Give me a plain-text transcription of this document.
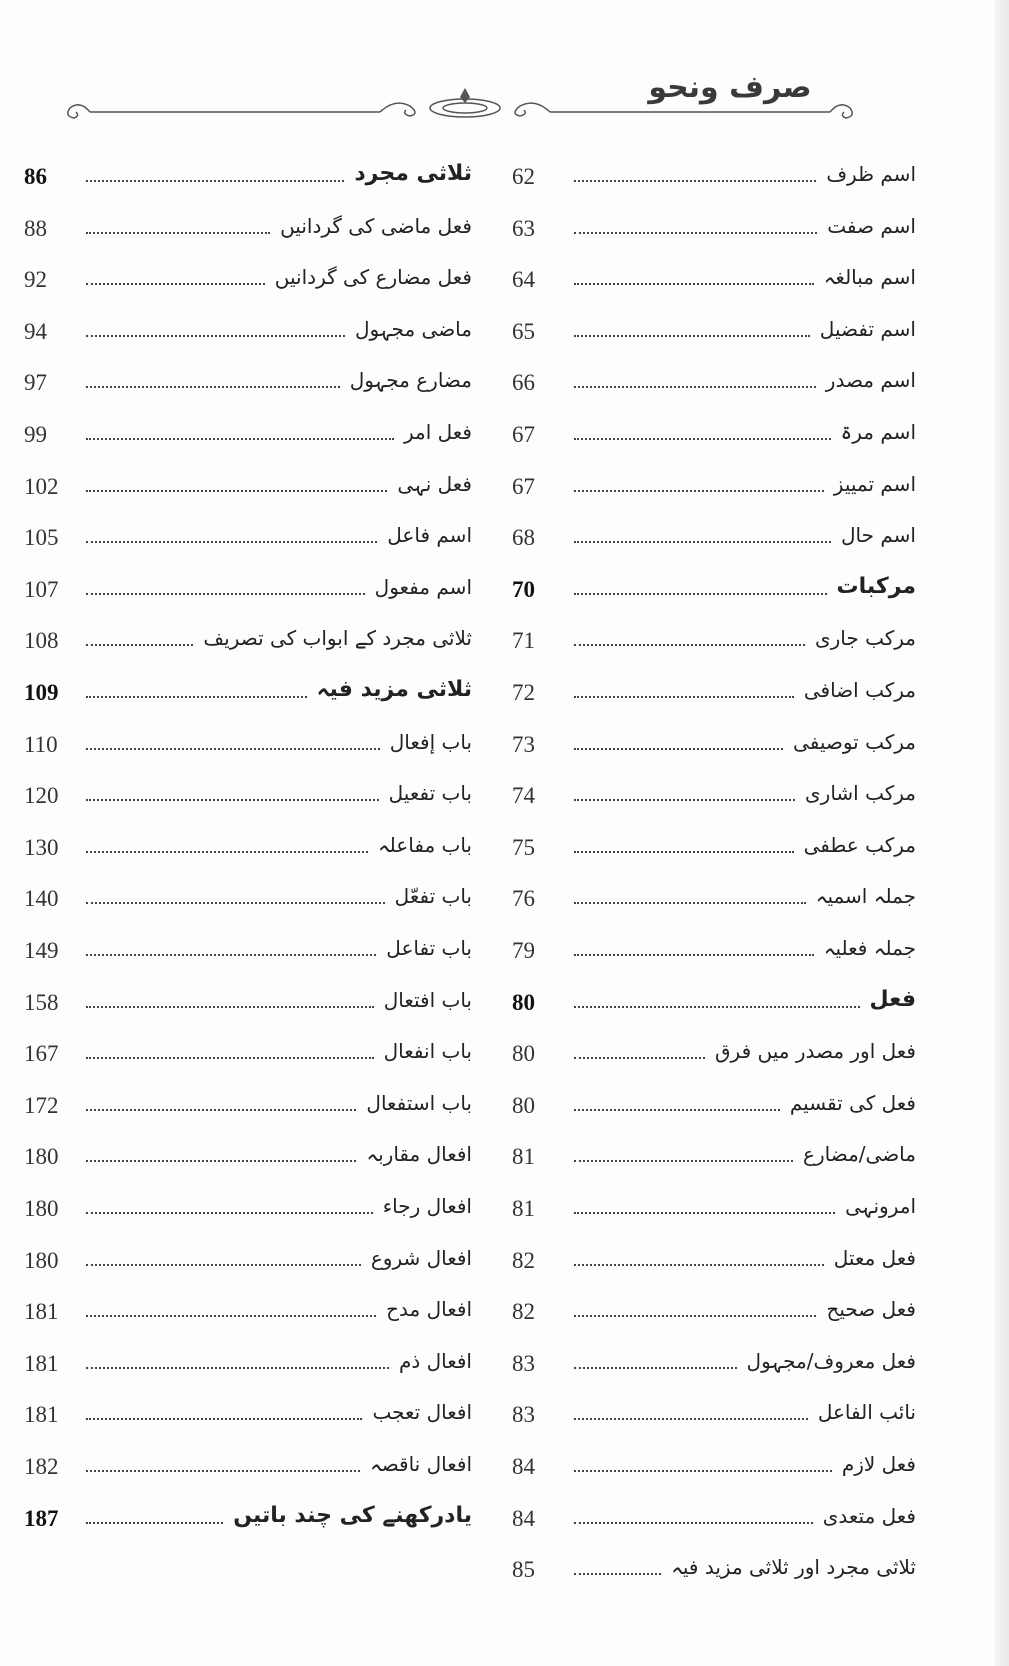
صرف ونحو
62	اسم ظرف
63	اسم صفت
64	اسم مبالغہ
65	اسم تفضیل
66	اسم مصدر
67	اسم مرۃ
67	اسم تمییز
68	اسم حال
70	مرکبات
71	مرکب جاری
72	مرکب اضافی
73	مرکب توصیفی
74	مرکب اشاری
75	مرکب عطفی
76	جملہ اسمیہ
79	جملہ فعلیہ
80	فعل
80	فعل اور مصدر میں فرق
80	فعل کی تقسیم
81	ماضی/مضارع
81	امرونہی
82	فعل معتل
82	فعل صحیح
83	فعل معروف/مجہول
83	نائب الفاعل
84	فعل لازم
84	فعل متعدی
85	ثلاثی مجرد اور ثلاثی مزید فیہ
86	ثلاثی مجرد
88	فعل ماضی کی گردانیں
92	فعل مضارع کی گردانیں
94	ماضی مجہول
97	مضارع مجہول
99	فعل امر
102	فعل نہی
105	اسم فاعل
107	اسم مفعول
108	ثلاثی مجرد کے ابواب کی تصریف
109	ثلاثی مزید فیہ
110	باب إفعال
120	باب تفعیل
130	باب مفاعلہ
140	باب تفعّل
149	باب تفاعل
158	باب افتعال
167	باب انفعال
172	باب استفعال
180	افعال مقاربہ
180	افعال رجاء
180	افعال شروع
181	افعال مدح
181	افعال ذم
181	افعال تعجب
182	افعال ناقصہ
187	یادرکھنے کی چند باتیں
